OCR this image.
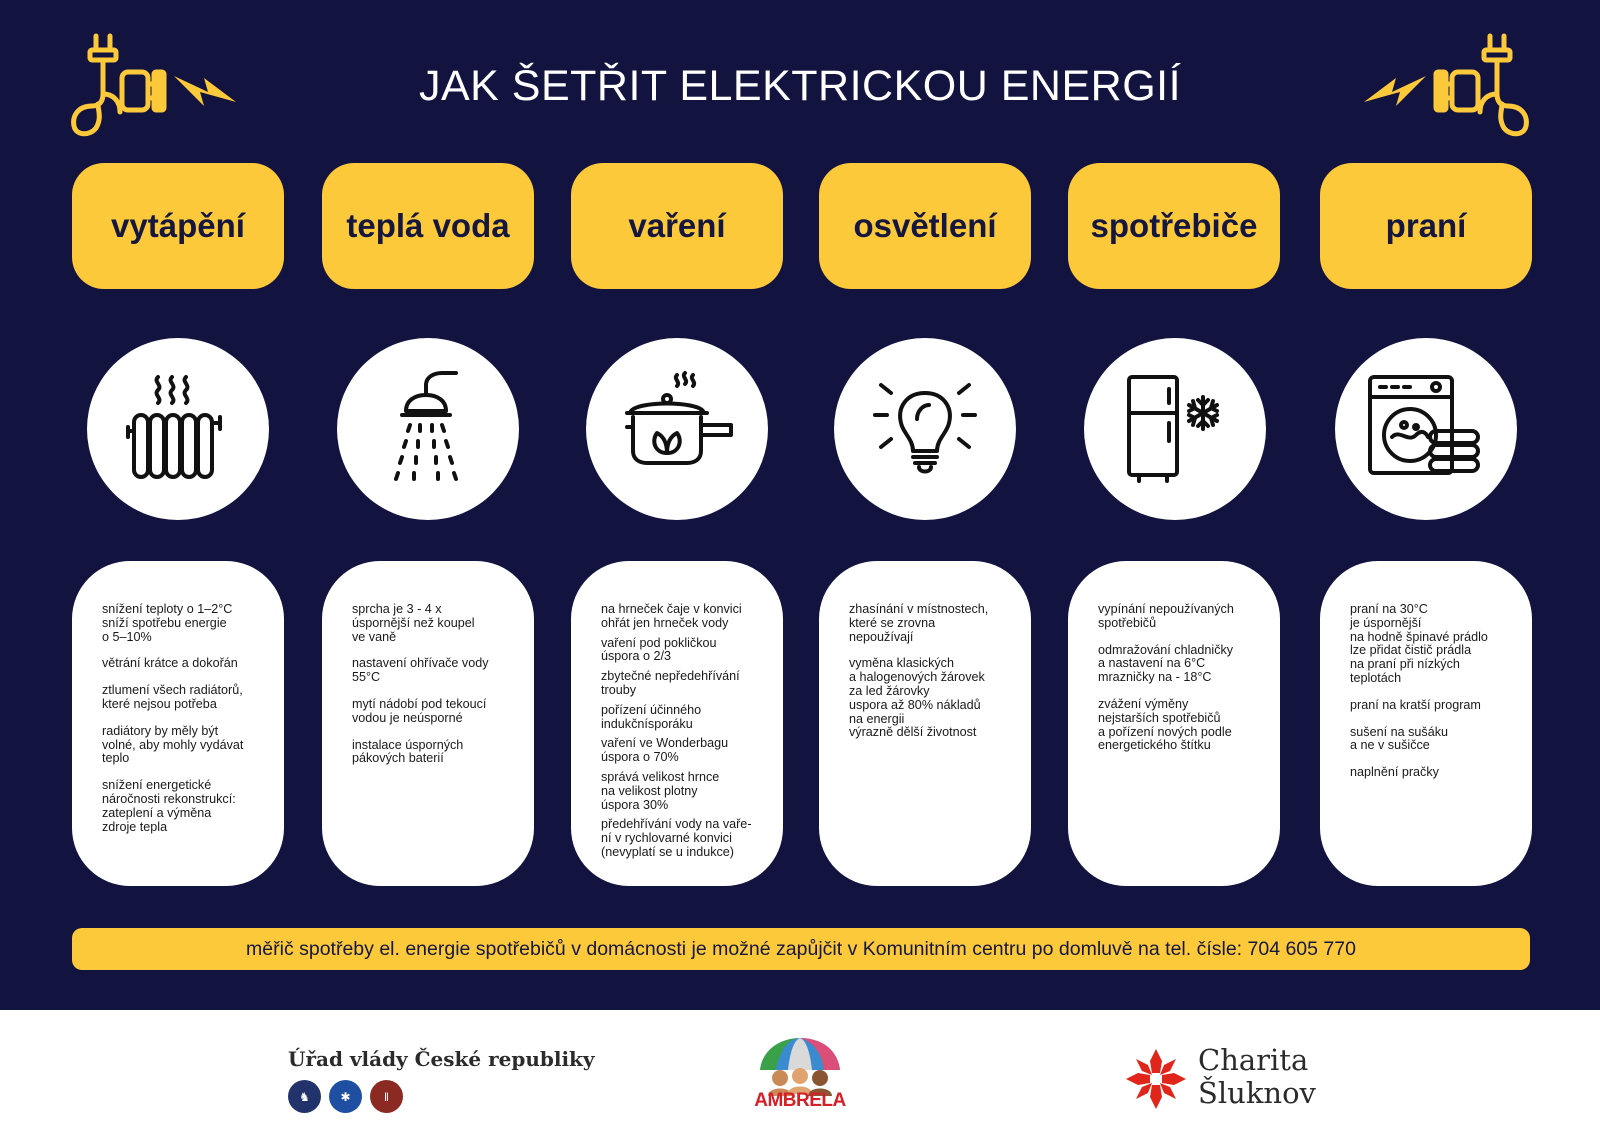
JAK ŠETŘIT ELEKTRICKOU ENERGIÍ
vytápění	teplá voda	vaření	osvětlení	spotřebiče	praní

snížení teploty o 1–2°C
sníží spotřebu energie
o 5–10%

větrání krátce a dokořán

ztlumení všech radiátorů,
které nejsou potřeba

radiátory by měly být
volné, aby mohly vydávat
teplo

snížení energetické
náročnosti rekonstrukcí:
zateplení a výměna
zdroje tepla

sprcha je 3 - 4 x
úspornější než koupel
ve vaně

nastavení ohřívače vody
55°C

mytí nádobí pod tekoucí
vodou je neúsporné

instalace úsporných
pákových baterií

na hrneček čaje v konvici
ohřát jen hrneček vody

vaření pod pokličkou
úspora o 2/3

zbytečné nepředehřívání
trouby

pořízení účinného
indukčnísporáku

vaření ve Wonderbagu
úspora o 70%

správá velikost hrnce
na velikost plotny
úspora 30%

předehřívání vody na vaře-
ní v rychlovarné konvici
(nevyplatí se u indukce)

zhasínání v místnostech,
které se zrovna
nepoužívají

vyměna klasických
a halogenových žárovek
za led žárovky
uspora až 80% nákladů
na energii
výrazně dělší životnost

vypínání nepoužívaných
spotřebičů

odmražování chladničky
a nastavení na 6°C
mrazničky na - 18°C

zvážení výměny
nejstarších spotřebičů
a pořízení nových podle
energetického štítku

praní na 30°C
je úspornější
na hodně špinavé prádlo
lze přidat čistič prádla
na praní při nízkých
teplotách

praní na kratší program

sušení na sušáku
a ne v sušičce

naplnění pračky

měřič spotřeby el. energie spotřebičů v domácnosti je možné zapůjčit v Komunitním centru po domluvě na tel. čísle: 704 605 770
Úřad vlády České republiky
♞	✱	‖	AMBRELA
Charita
Šluknov
